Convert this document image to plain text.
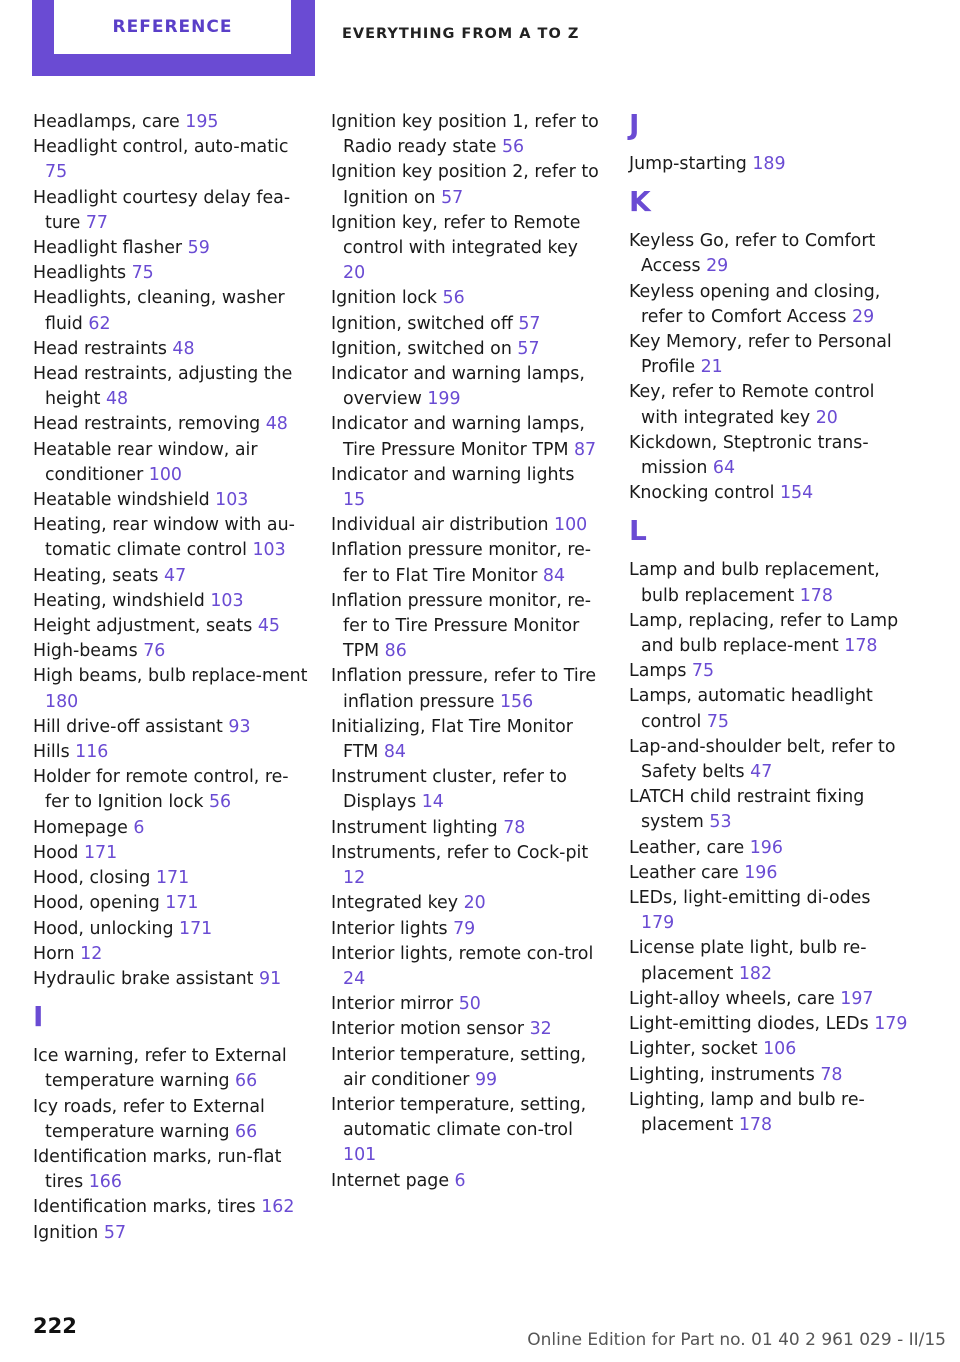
REFERENCE	EVERYTHING FROM A TO Z
Headlamps, care 195
Headlight control, auto-matic 75
Headlight courtesy delay fea-ture 77
Headlight flasher 59
Headlights 75
Headlights, cleaning, washer fluid 62
Head restraints 48
Head restraints, adjusting the height 48
Head restraints, removing 48
Heatable rear window, air conditioner 100
Heatable windshield 103
Heating, rear window with au-tomatic climate control 103
Heating, seats 47
Heating, windshield 103
Height adjustment, seats 45
High-beams 76
High beams, bulb replace-ment 180
Hill drive-off assistant 93
Hills 116
Holder for remote control, re-fer to Ignition lock 56
Homepage 6
Hood 171
Hood, closing 171
Hood, opening 171
Hood, unlocking 171
Horn 12
Hydraulic brake assistant 91
I
Ice warning, refer to External temperature warning 66
Icy roads, refer to External temperature warning 66
Identification marks, run-flat tires 166
Identification marks, tires 162
Ignition 57
Ignition key position 1, refer to Radio ready state 56
Ignition key position 2, refer to Ignition on 57
Ignition key, refer to Remote control with integrated key 20
Ignition lock 56
Ignition, switched off 57
Ignition, switched on 57
Indicator and warning lamps, overview 199
Indicator and warning lamps, Tire Pressure Monitor TPM 87
Indicator and warning lights 15
Individual air distribution 100
Inflation pressure monitor, re-fer to Flat Tire Monitor 84
Inflation pressure monitor, re-fer to Tire Pressure Monitor TPM 86
Inflation pressure, refer to Tire inflation pressure 156
Initializing, Flat Tire Monitor FTM 84
Instrument cluster, refer to Displays 14
Instrument lighting 78
Instruments, refer to Cock-pit 12
Integrated key 20
Interior lights 79
Interior lights, remote con-trol 24
Interior mirror 50
Interior motion sensor 32
Interior temperature, setting, air conditioner 99
Interior temperature, setting, automatic climate con-trol 101
Internet page 6
J
Jump-starting 189
K
Keyless Go, refer to Comfort Access 29
Keyless opening and closing, refer to Comfort Access 29
Key Memory, refer to Personal Profile 21
Key, refer to Remote control with integrated key 20
Kickdown, Steptronic trans-mission 64
Knocking control 154
L
Lamp and bulb replacement, bulb replacement 178
Lamp, replacing, refer to Lamp and bulb replace-ment 178
Lamps 75
Lamps, automatic headlight control 75
Lap-and-shoulder belt, refer to Safety belts 47
LATCH child restraint fixing system 53
Leather, care 196
Leather care 196
LEDs, light-emitting di-odes 179
License plate light, bulb re-placement 182
Light-alloy wheels, care 197
Light-emitting diodes, LEDs 179
Lighter, socket 106
Lighting, instruments 78
Lighting, lamp and bulb re-placement 178
222
Online Edition for Part no. 01 40 2 961 029 - II/15
